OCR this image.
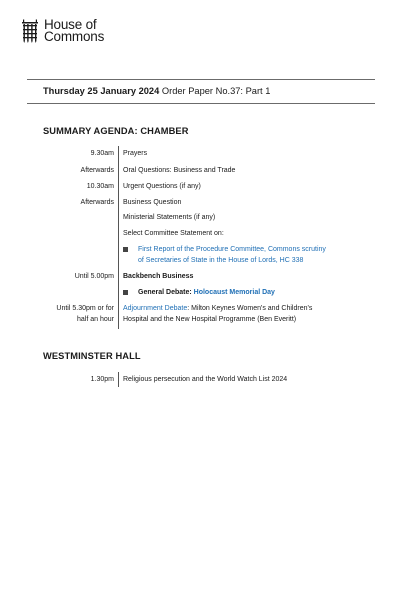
House of
Commons
Thursday 25 January 2024 Order Paper No.37: Part 1
SUMMARY AGENDA: CHAMBER
9.30am Prayers
Afterwards Oral Questions: Business and Trade
10.30am Urgent Questions (if any)
Afterwards Business Question
Ministerial Statements (if any)
Select Committee Statement on:
First Report of the Procedure Committee, Commons scrutiny
of Secretaries of State in the House of Lords, HC 338
Until 5.00pm Backbench Business
General Debate: Holocaust Memorial Day
Until 5.30pm or for
half an hour
Adjournment Debate: Milton Keynes Women's and Children's
Hospital and the New Hospital Programme (Ben Everitt)
WESTMINSTER HALL
1.30pm Religious persecution and the World Watch List 2024
